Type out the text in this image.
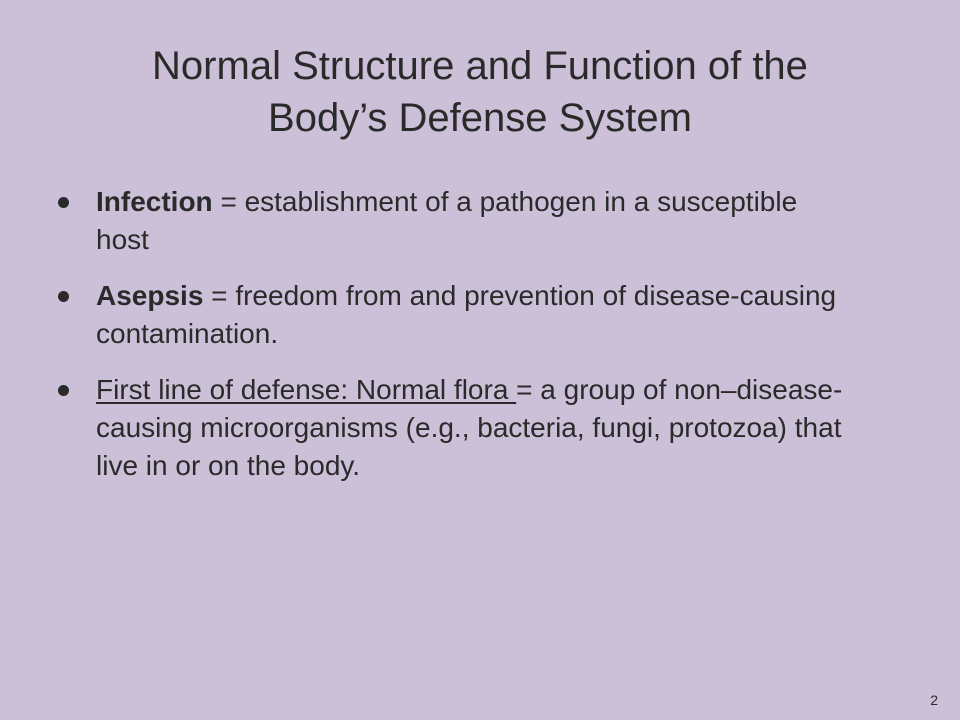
Normal Structure and Function of the
Body’s Defense System
Infection = establishment of a pathogen in a susceptible host
Asepsis = freedom from and prevention of disease-causing contamination.
First line of defense: Normal flora = a group of non–disease-causing microorganisms (e.g., bacteria, fungi, protozoa) that live in or on the body.
2
